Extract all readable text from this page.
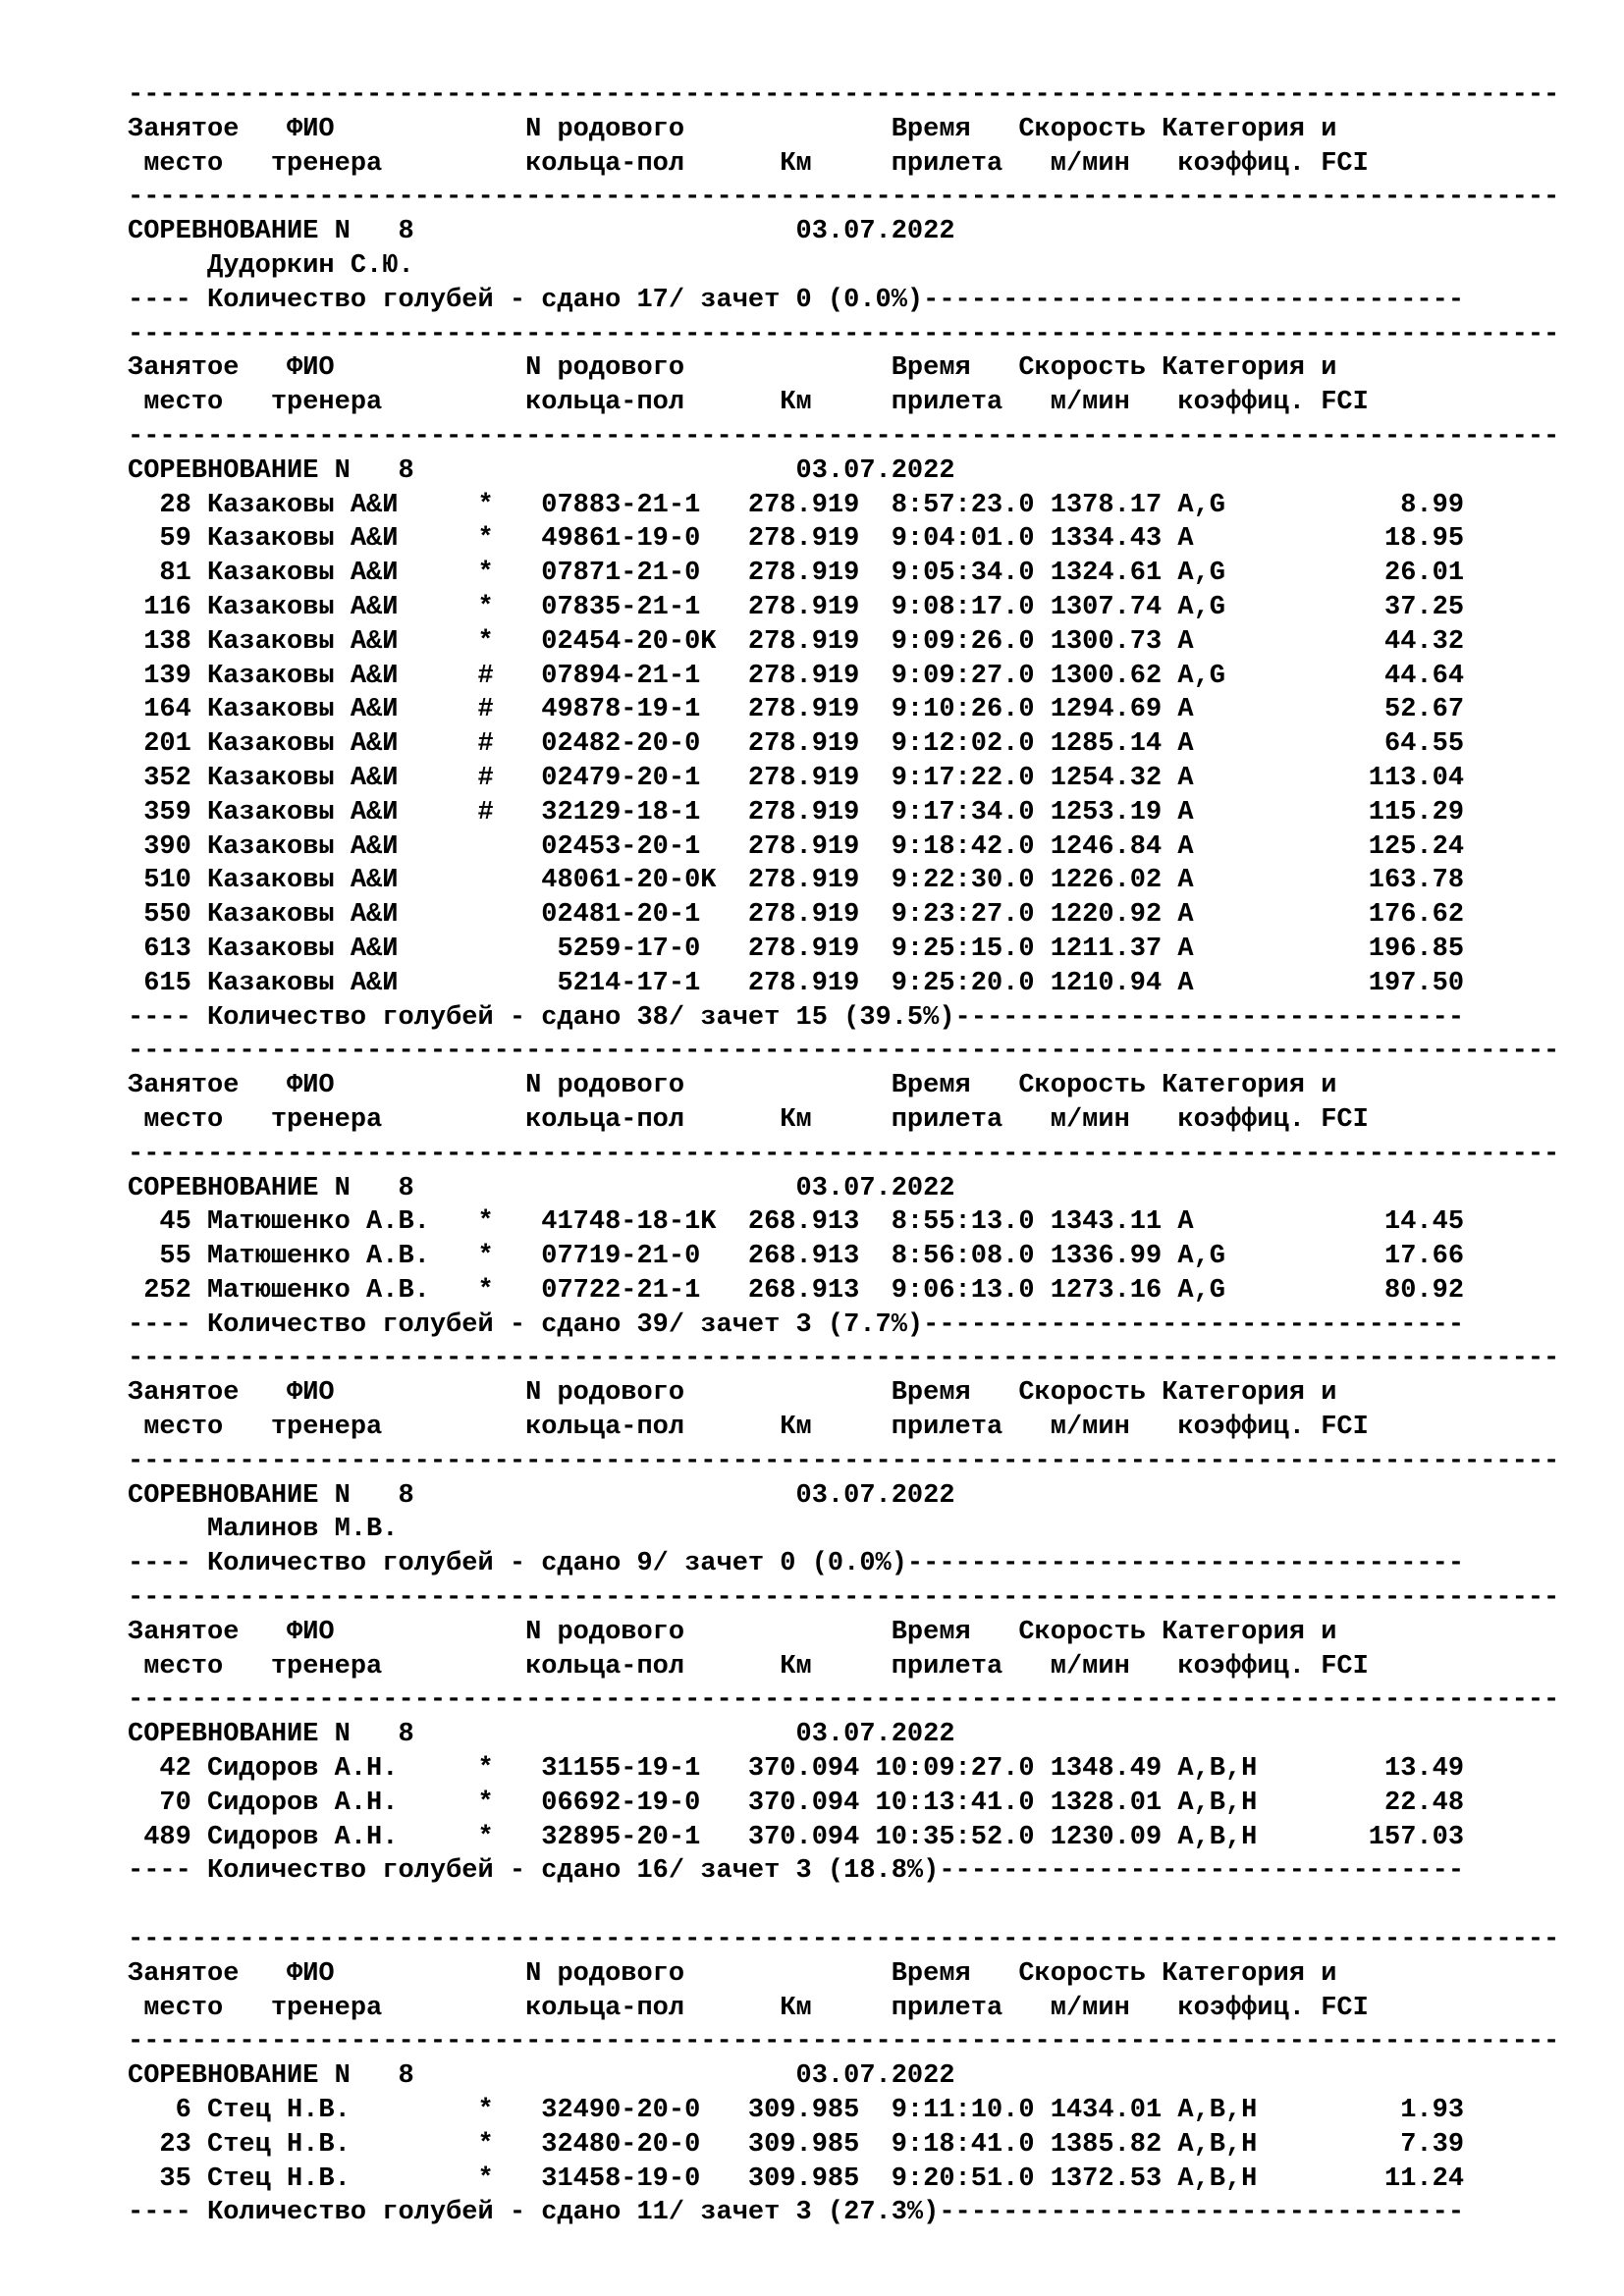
------------------------------------------------------------------------------------------
Занятое   ФИО            N родового             Время   Скорость Категория и
место   тренера         кольца-пол      Км     прилета   м/мин   коэффиц. FCI
------------------------------------------------------------------------------------------
СОРЕВНОВАНИЕ N   8                        03.07.2022
Дудоркин С.Ю.
---- Количество голубей - сдано 17/ зачет 0 (0.0%)----------------------------------
------------------------------------------------------------------------------------------
Занятое   ФИО            N родового             Время   Скорость Категория и
место   тренера         кольца-пол      Км     прилета   м/мин   коэффиц. FCI
------------------------------------------------------------------------------------------
СОРЕВНОВАНИЕ N   8                        03.07.2022
28 Казаковы А&И     *   07883-21-1   278.919  8:57:23.0 1378.17 A,G           8.99
59 Казаковы А&И     *   49861-19-0   278.919  9:04:01.0 1334.43 A            18.95
81 Казаковы А&И     *   07871-21-0   278.919  9:05:34.0 1324.61 A,G          26.01
116 Казаковы А&И     *   07835-21-1   278.919  9:08:17.0 1307.74 A,G          37.25
138 Казаковы А&И     *   02454-20-0K  278.919  9:09:26.0 1300.73 A            44.32
139 Казаковы А&И     #   07894-21-1   278.919  9:09:27.0 1300.62 A,G          44.64
164 Казаковы А&И     #   49878-19-1   278.919  9:10:26.0 1294.69 A            52.67
201 Казаковы А&И     #   02482-20-0   278.919  9:12:02.0 1285.14 A            64.55
352 Казаковы А&И     #   02479-20-1   278.919  9:17:22.0 1254.32 A           113.04
359 Казаковы А&И     #   32129-18-1   278.919  9:17:34.0 1253.19 A           115.29
390 Казаковы А&И         02453-20-1   278.919  9:18:42.0 1246.84 A           125.24
510 Казаковы А&И         48061-20-0K  278.919  9:22:30.0 1226.02 A           163.78
550 Казаковы А&И         02481-20-1   278.919  9:23:27.0 1220.92 A           176.62
613 Казаковы А&И          5259-17-0   278.919  9:25:15.0 1211.37 A           196.85
615 Казаковы А&И          5214-17-1   278.919  9:25:20.0 1210.94 A           197.50
---- Количество голубей - сдано 38/ зачет 15 (39.5%)--------------------------------
------------------------------------------------------------------------------------------
Занятое   ФИО            N родового             Время   Скорость Категория и
место   тренера         кольца-пол      Км     прилета   м/мин   коэффиц. FCI
------------------------------------------------------------------------------------------
СОРЕВНОВАНИЕ N   8                        03.07.2022
45 Матюшенко А.В.   *   41748-18-1K  268.913  8:55:13.0 1343.11 A            14.45
55 Матюшенко А.В.   *   07719-21-0   268.913  8:56:08.0 1336.99 A,G          17.66
252 Матюшенко А.В.   *   07722-21-1   268.913  9:06:13.0 1273.16 A,G          80.92
---- Количество голубей - сдано 39/ зачет 3 (7.7%)----------------------------------
------------------------------------------------------------------------------------------
Занятое   ФИО            N родового             Время   Скорость Категория и
место   тренера         кольца-пол      Км     прилета   м/мин   коэффиц. FCI
------------------------------------------------------------------------------------------
СОРЕВНОВАНИЕ N   8                        03.07.2022
Малинов М.В.
---- Количество голубей - сдано 9/ зачет 0 (0.0%)-----------------------------------
------------------------------------------------------------------------------------------
Занятое   ФИО            N родового             Время   Скорость Категория и
место   тренера         кольца-пол      Км     прилета   м/мин   коэффиц. FCI
------------------------------------------------------------------------------------------
СОРЕВНОВАНИЕ N   8                        03.07.2022
42 Сидоров А.Н.     *   31155-19-1   370.094 10:09:27.0 1348.49 A,B,H        13.49
70 Сидоров А.Н.     *   06692-19-0   370.094 10:13:41.0 1328.01 A,B,H        22.48
489 Сидоров А.Н.     *   32895-20-1   370.094 10:35:52.0 1230.09 A,B,H       157.03
---- Количество голубей - сдано 16/ зачет 3 (18.8%)---------------------------------
------------------------------------------------------------------------------------------
Занятое   ФИО            N родового             Время   Скорость Категория и
место   тренера         кольца-пол      Км     прилета   м/мин   коэффиц. FCI
------------------------------------------------------------------------------------------
СОРЕВНОВАНИЕ N   8                        03.07.2022
6 Стец Н.В.        *   32490-20-0   309.985  9:11:10.0 1434.01 A,B,H         1.93
23 Стец Н.В.        *   32480-20-0   309.985  9:18:41.0 1385.82 A,B,H         7.39
35 Стец Н.В.        *   31458-19-0   309.985  9:20:51.0 1372.53 A,B,H        11.24
---- Количество голубей - сдано 11/ зачет 3 (27.3%)---------------------------------
